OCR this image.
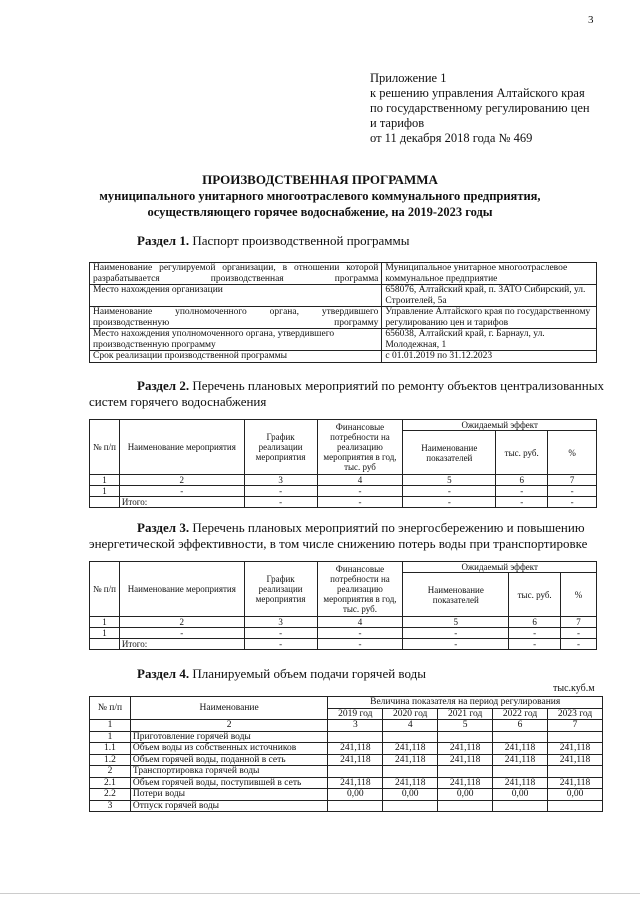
3
Приложение 1
к решению управления Алтайского края
по государственному регулированию цен
и тарифов
от 11 декабря 2018 года № 469
ПРОИЗВОДСТВЕННАЯ ПРОГРАММА
муниципального унитарного многоотраслевого коммунального предприятия,
осуществляющего горячее водоснабжение, на 2019-2023 годы
Раздел 1. Паспорт производственной программы
Наименование регулируемой организации, в отношении которой разрабатывается производственная программа	Муниципальное унитарное многоотраслевое коммунальное предприятие
Место нахождения организации	658076, Алтайский край, п. ЗАТО Сибирский, ул. Строителей, 5а
Наименование уполномоченного органа, утвердившего производственную программу	Управление Алтайского края по государственному регулированию цен и тарифов
Место нахождения уполномоченного органа, утвердившего производственную программу	656038, Алтайский край, г. Барнаул, ул. Молодежная, 1
Срок реализации производственной программы	с 01.01.2019 по 31.12.2023
Раздел 2. Перечень плановых мероприятий по ремонту объектов централизованных
систем горячего водоснабжения
№ п/п	Наименование мероприятия	График реализации мероприятия	Финансовые потребности на реализацию мероприятия в год, тыс. руб	Ожидаемый эффект		
				Наименование показателей	тыс. руб.	%
1	2	3	4	5	6	7
1	-	-	-	-	-	-
	Итого:	-	-	-	-	-
Раздел 3. Перечень плановых мероприятий по энергосбережению и повышению
энергетической эффективности, в том числе снижению потерь воды при транспортировке
№ п/п	Наименование мероприятия	График реализации мероприятия	Финансовые потребности на реализацию мероприятия в год, тыс. руб.	Ожидаемый эффект		
				Наименование показателей	тыс. руб.	%
1	2	3	4	5	6	7
1	-	-	-	-	-	-
	Итого:	-	-	-	-	-
Раздел 4. Планируемый объем подачи горячей воды
тыс.куб.м
№ п/п	Наименование	Величина показателя на период регулирования				
		2019 год	2020 год	2021 год	2022 год	2023 год
1	2	3	4	5	6	7
1	Приготовление горячей воды					
1.1	Объем воды из собственных источников	241,118	241,118	241,118	241,118	241,118
1.2	Объем горячей воды, поданной в сеть	241,118	241,118	241,118	241,118	241,118
2	Транспортировка горячей воды					
2.1	Объем горячей воды, поступившей в сеть	241,118	241,118	241,118	241,118	241,118
2.2	Потери воды	0,00	0,00	0,00	0,00	0,00
3	Отпуск горячей воды					
